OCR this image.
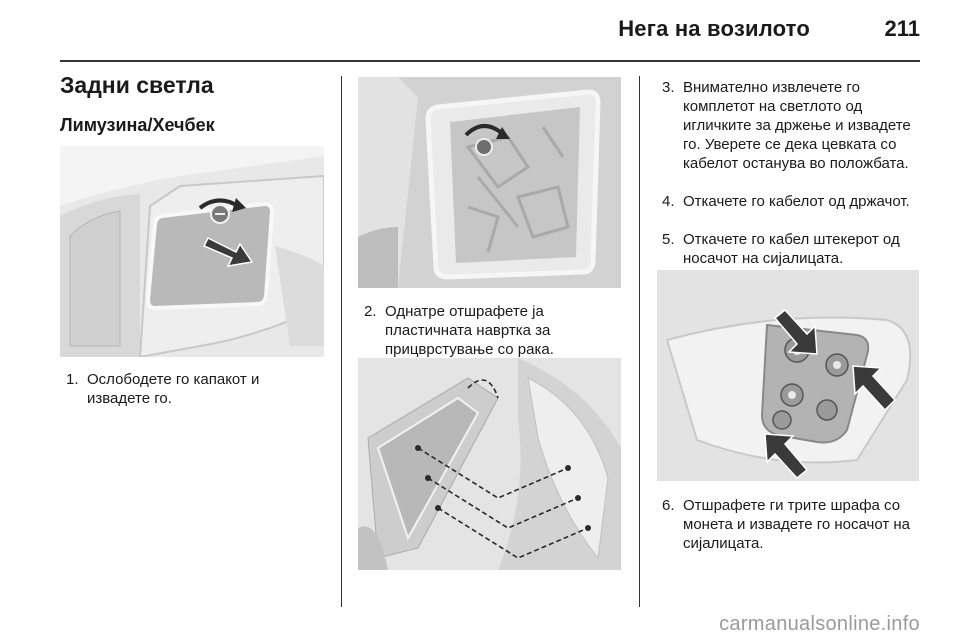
Нега на возилото	211
Задни светла
Лимузина/Хечбек
1. Ослободете го капакот и извадете го.
2. Однатре отшрафете ја пластичната навртка за прицврстување со рака.
3. Внимателно извлечете го комплетот на светлото од игличките за држење и извадете го. Уверете се дека цевката со кабелот останува во положбата.
4. Откачете го кабелот од држачот.
5. Откачете го кабел штекерот од носачот на сијалицата.
6. Отшрафете ги трите шрафа со монета и извадете го носачот на сијалицата.
carmanualsonline.info
